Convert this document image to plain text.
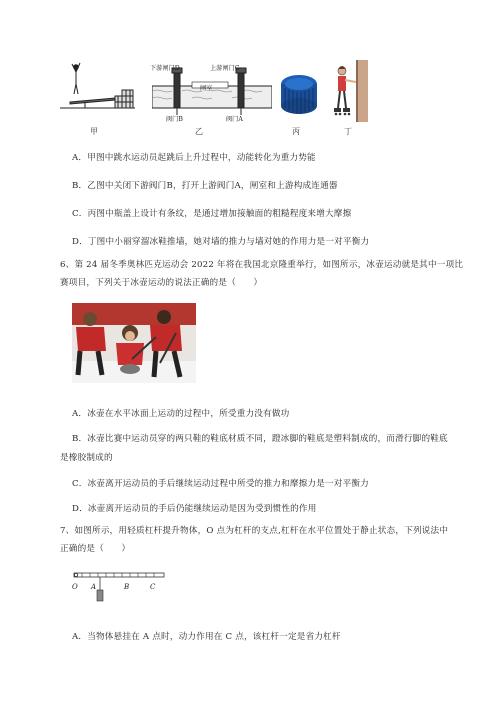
甲
下游闸门D	上游闸门C
闸室
阀门B	阀门A
乙	丙	丁
A．甲图中跳水运动员起跳后上升过程中，动能转化为重力势能
B．乙图中关闭下游阀门B，打开上游阀门A，闸室和上游构成连通器
C．丙图中瓶盖上设计有条纹，是通过增加接触面的粗糙程度来增大摩擦
D．丁图中小丽穿溜冰鞋推墙，她对墙的推力与墙对她的作用力是一对平衡力
6、第 24 届冬季奥林匹克运动会 2022 年将在我国北京隆重举行，如图所示，冰壶运动就是其中一项比
赛项目，下列关于冰壶运动的说法正确的是（　　）
A．冰壶在水平冰面上运动的过程中，所受重力没有做功
B．冰壶比赛中运动员穿的两只鞋的鞋底材质不同，蹬冰脚的鞋底是塑料制成的，而滑行脚的鞋底
是橡胶制成的
C．冰壶离开运动员的手后继续运动过程中所受的推力和摩擦力是一对平衡力
D．冰壶离开运动员的手后仍能继续运动是因为受到惯性的作用
7、如图所示，用轻质杠杆提升物体，O 点为杠杆的支点,杠杆在水平位置处于静止状态，下列说法中
正确的是（　　）
O A	B	C
A．当物体悬挂在 A 点时，动力作用在 C 点，该杠杆一定是省力杠杆
